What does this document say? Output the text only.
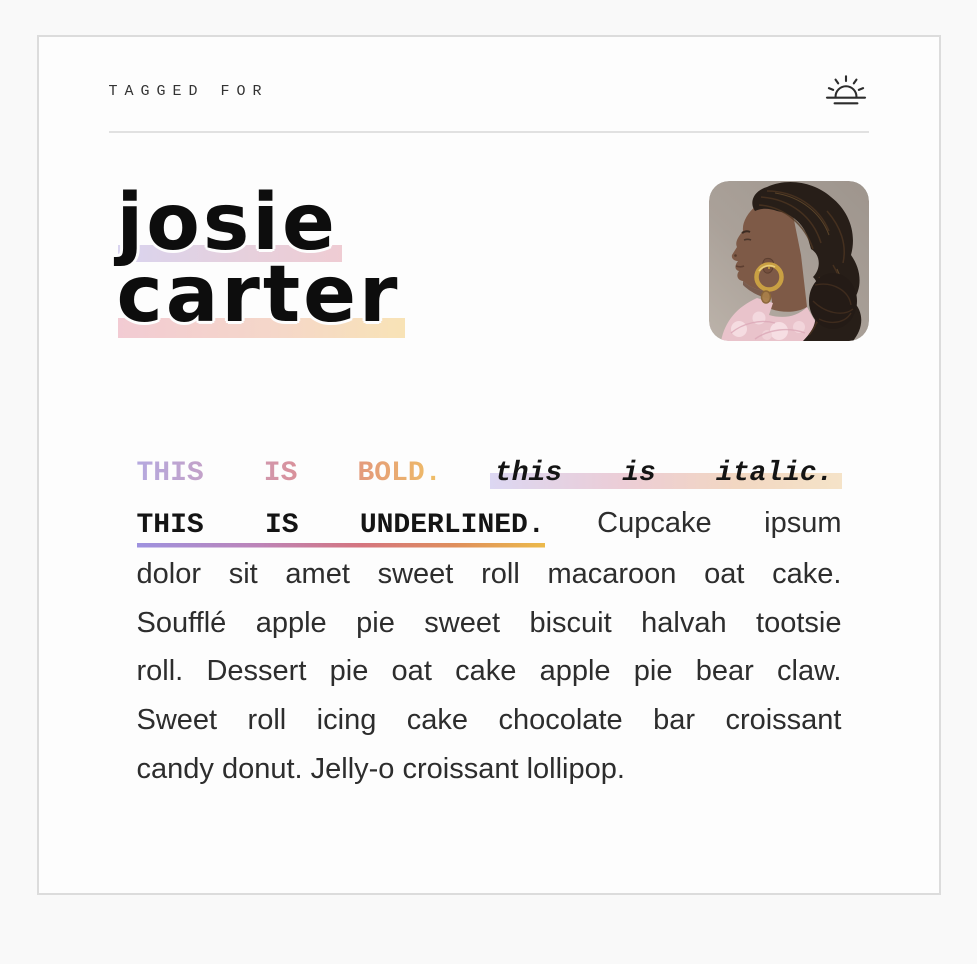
TAGGED FOR
josie
carter

THIS IS BOLD. this is italic.
THIS IS UNDERLINED. Cupcake ipsum
dolor sit amet sweet roll macaroon oat cake.
Soufflé apple pie sweet biscuit halvah tootsie
roll. Dessert pie oat cake apple pie bear claw.
Sweet roll icing cake chocolate bar croissant
candy donut. Jelly-o croissant lollipop.
